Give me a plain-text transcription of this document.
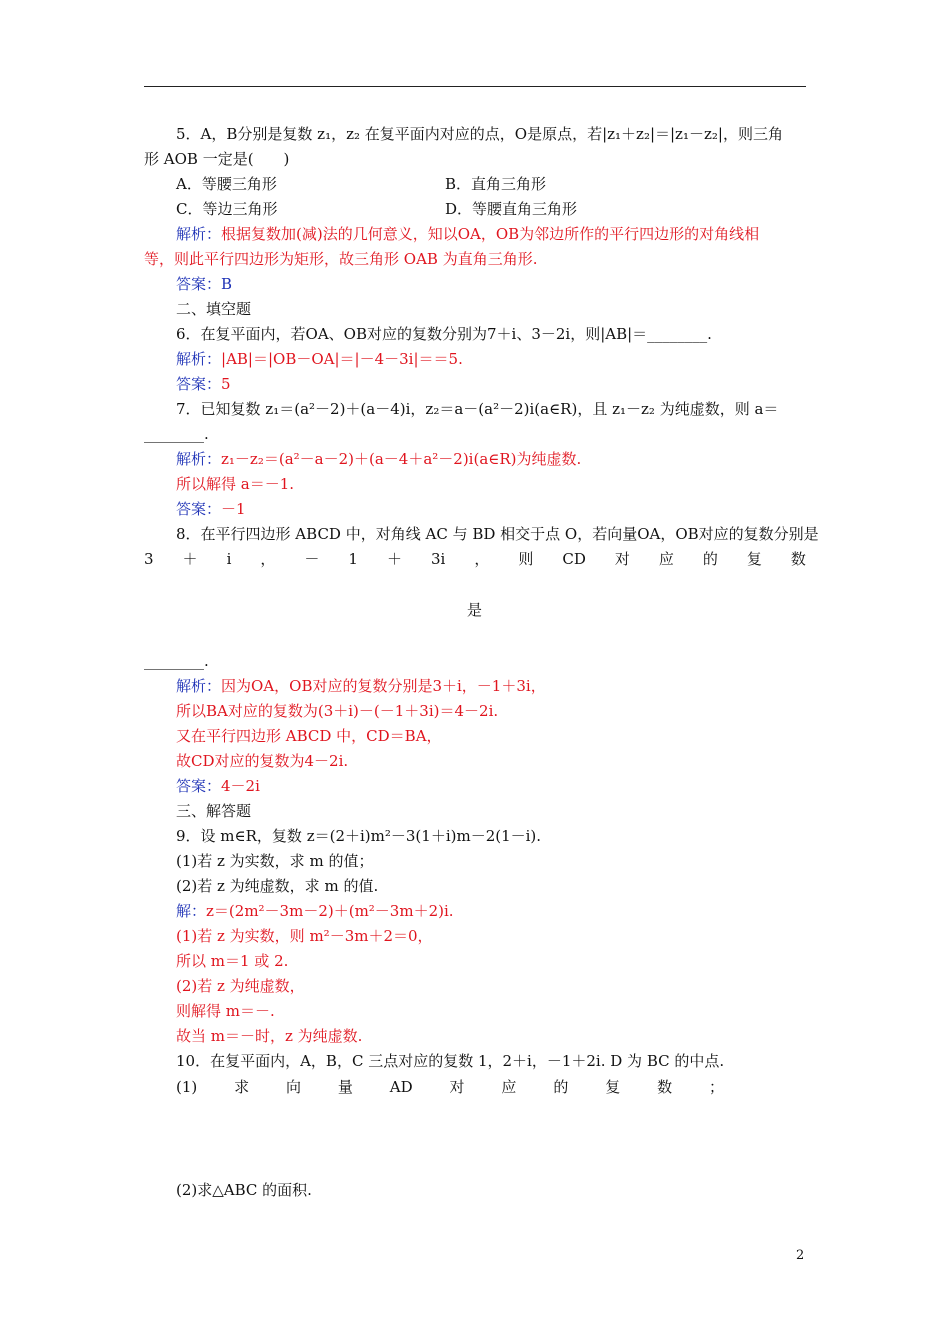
5．A，B分别是复数 z₁，z₂ 在复平面内对应的点，O是原点，若|z₁＋z₂|＝|z₁－z₂|，则三角
形 AOB 一定是(　　)
A．等腰三角形	B．直角三角形
C．等边三角形	D．等腰直角三角形
解析：根据复数加(减)法的几何意义，知以OA，OB为邻边所作的平行四边形的对角线相
等，则此平行四边形为矩形，故三角形 OAB 为直角三角形.
答案：B
二、填空题
6．在复平面内，若OA、OB对应的复数分别为7＋i、3－2i，则|AB|＝________.
解析：|AB|＝|OB－OA|＝|－4－3i|＝＝5.
答案：5
7．已知复数 z₁＝(a²－2)＋(a－4)i，z₂＝a－(a²－2)i(a∈R)，且 z₁－z₂ 为纯虚数，则 a＝
________.
解析：z₁－z₂＝(a²－a－2)＋(a－4＋a²－2)i(a∈R)为纯虚数.
所以解得 a＝－1.
答案：－1
8．在平行四边形 ABCD 中，对角线 AC 与 BD 相交于点 O，若向量OA，OB对应的复数分别是
3 ＋ i ， － 1 ＋ 3i ， 则 CD 对 应 的 复 数
是
________.
解析：因为OA，OB对应的复数分别是3＋i，－1＋3i，
所以BA对应的复数为(3＋i)－(－1＋3i)＝4－2i.
又在平行四边形 ABCD 中，CD＝BA，
故CD对应的复数为4－2i.
答案：4－2i
三、解答题
9．设 m∈R，复数 z＝(2＋i)m²－3(1＋i)m－2(1－i).
(1)若 z 为实数，求 m 的值；
(2)若 z 为纯虚数，求 m 的值.
解：z＝(2m²－3m－2)＋(m²－3m＋2)i.
(1)若 z 为实数，则 m²－3m＋2＝0，
所以 m＝1 或 2.
(2)若 z 为纯虚数，
则解得 m＝－.
故当 m＝－时，z 为纯虚数.
10．在复平面内，A，B，C 三点对应的复数 1，2＋i，－1＋2i. D 为 BC 的中点.
(1) 求 向 量 AD 对 应 的 复 数 ；
(2)求△ABC 的面积.
2
